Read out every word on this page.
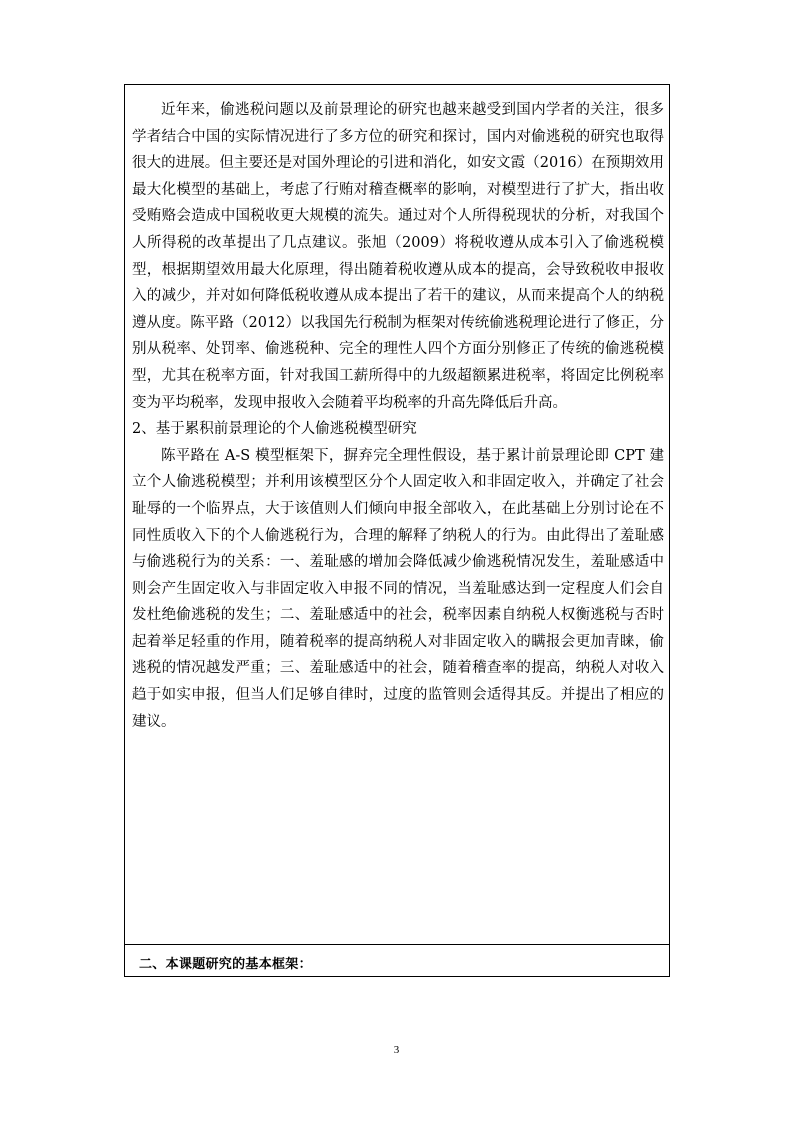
近年来，偷逃税问题以及前景理论的研究也越来越受到国内学者的关注，很多学者结合中国的实际情况进行了多方位的研究和探讨，国内对偷逃税的研究也取得很大的进展。但主要还是对国外理论的引进和消化，如安文霞（2016）在预期效用最大化模型的基础上，考虑了行贿对稽查概率的影响，对模型进行了扩大，指出收受贿赂会造成中国税收更大规模的流失。通过对个人所得税现状的分析，对我国个人所得税的改革提出了几点建议。张旭（2009）将税收遵从成本引入了偷逃税模型，根据期望效用最大化原理，得出随着税收遵从成本的提高，会导致税收申报收入的减少，并对如何降低税收遵从成本提出了若干的建议，从而来提高个人的纳税遵从度。陈平路（2012）以我国先行税制为框架对传统偷逃税理论进行了修正，分别从税率、处罚率、偷逃税种、完全的理性人四个方面分别修正了传统的偷逃税模型，尤其在税率方面，针对我国工薪所得中的九级超额累进税率，将固定比例税率变为平均税率，发现申报收入会随着平均税率的升高先降低后升高。

2、基于累积前景理论的个人偷逃税模型研究

陈平路在 A-S 模型框架下，摒弃完全理性假设，基于累计前景理论即 CPT 建立个人偷逃税模型；并利用该模型区分个人固定收入和非固定收入，并确定了社会耻辱的一个临界点，大于该值则人们倾向申报全部收入，在此基础上分别讨论在不同性质收入下的个人偷逃税行为，合理的解释了纳税人的行为。由此得出了羞耻感与偷逃税行为的关系：一、羞耻感的增加会降低减少偷逃税情况发生，羞耻感适中则会产生固定收入与非固定收入申报不同的情况，当羞耻感达到一定程度人们会自发杜绝偷逃税的发生；二、羞耻感适中的社会，税率因素自纳税人权衡逃税与否时起着举足轻重的作用，随着税率的提高纳税人对非固定收入的瞒报会更加青睐，偷逃税的情况越发严重；三、羞耻感适中的社会，随着稽查率的提高，纳税人对收入趋于如实申报，但当人们足够自律时，过度的监管则会适得其反。并提出了相应的建议。

二、本课题研究的基本框架：
3
